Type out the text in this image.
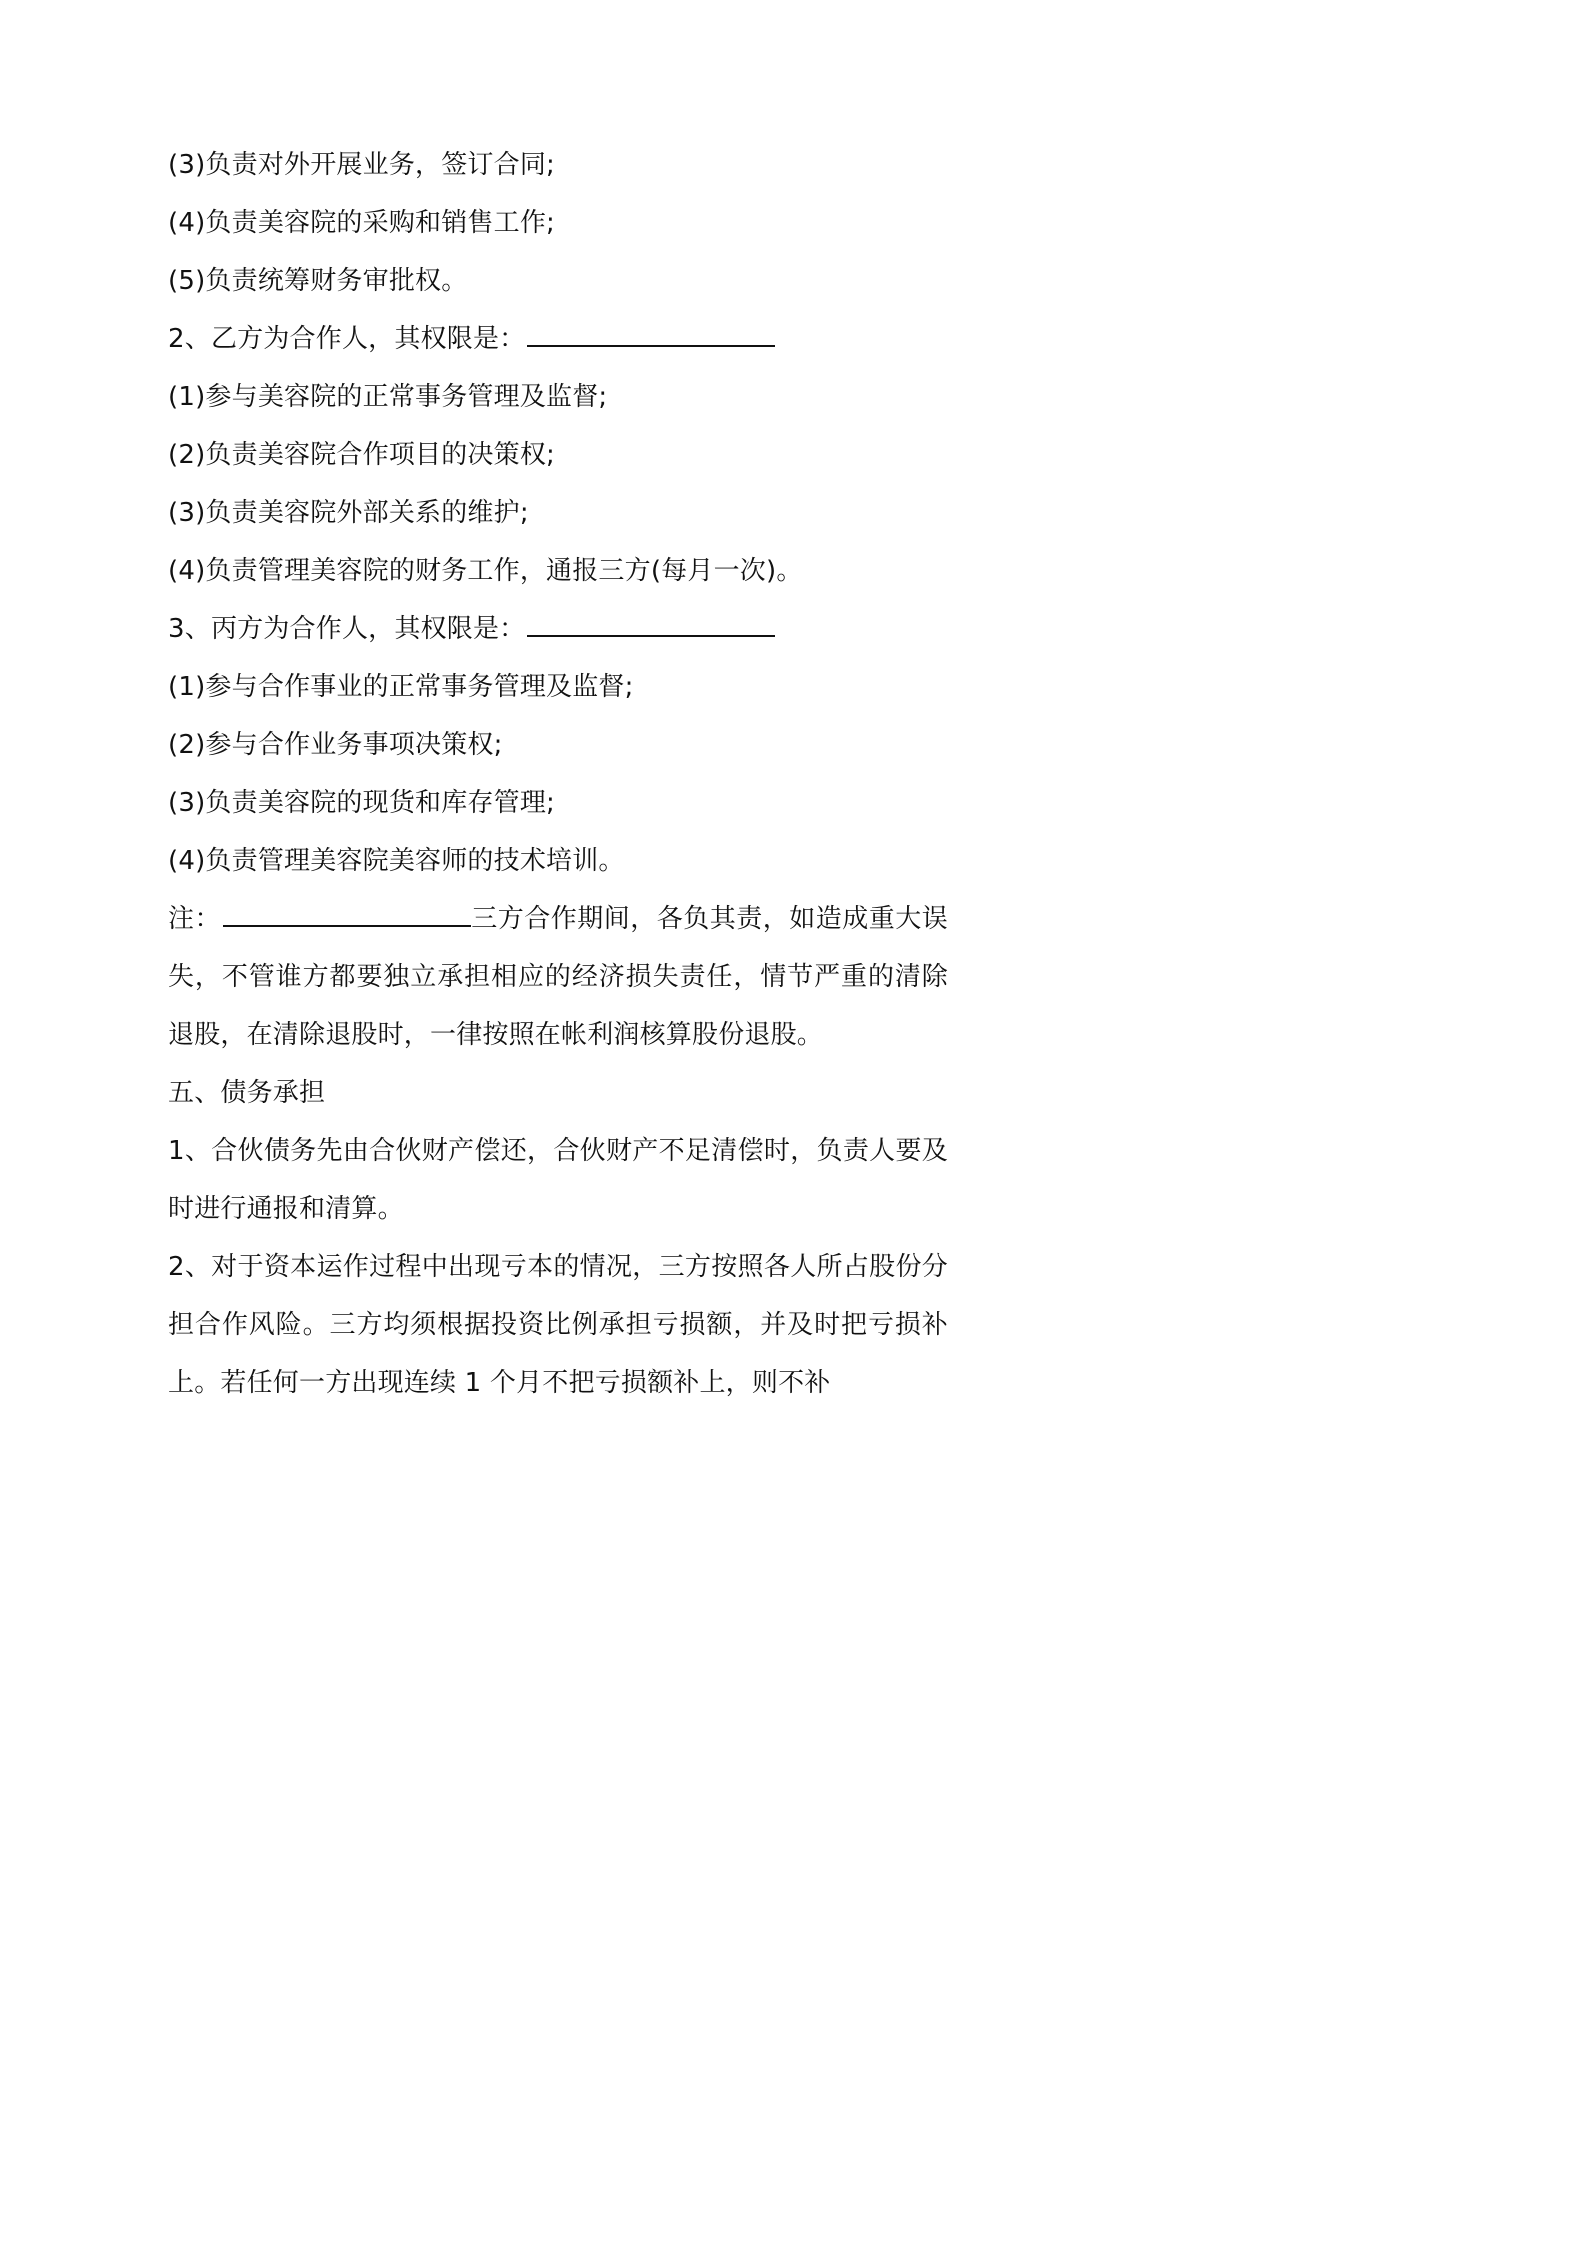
(3)负责对外开展业务，签订合同;
(4)负责美容院的采购和销售工作;
(5)负责统筹财务审批权。
2、乙方为合作人，其权限是：
(1)参与美容院的正常事务管理及监督;
(2)负责美容院合作项目的决策权;
(3)负责美容院外部关系的维护;
(4)负责管理美容院的财务工作，通报三方(每月一次)。
3、丙方为合作人，其权限是：
(1)参与合作事业的正常事务管理及监督;
(2)参与合作业务事项决策权;
(3)负责美容院的现货和库存管理;
(4)负责管理美容院美容师的技术培训。
注：	三方合作期间，各负其责，如造成重大误失，不管谁方都要独立承担相应的经济损失责任，情节严重的清除退股，在清除退股时，一律按照在帐利润核算股份退股。
五、债务承担
1、合伙债务先由合伙财产偿还，合伙财产不足清偿时，负责人要及时进行通报和清算。
2、对于资本运作过程中出现亏本的情况，三方按照各人所占股份分担合作风险。三方均须根据投资比例承担亏损额，并及时把亏损补上。若任何一方出现连续 1 个月不把亏损额补上，则不补
